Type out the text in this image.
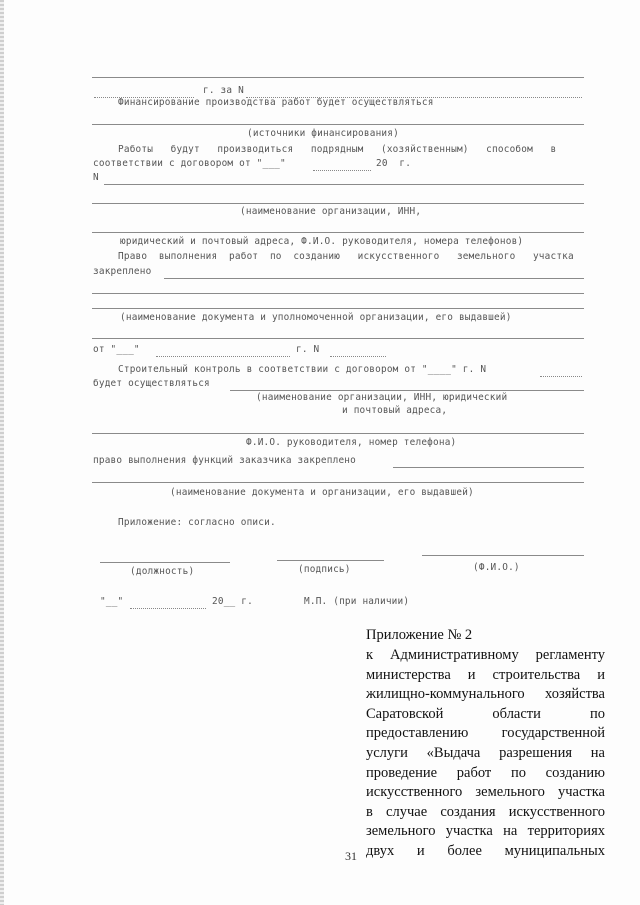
г. за N
Финансирование производства работ будет осуществляться
(источники финансирования)
Работы   будут   производиться   подрядным   (хозяйственным)   способом   в
соответствии с договором от "___"	20  г.
N
(наименование организации, ИНН,
юридический и почтовый адреса, Ф.И.О. руководителя, номера телефонов)
Право  выполнения  работ  по  созданию   искусственного   земельного   участка
закреплено
(наименование документа и уполномоченной организации, его выдавшей)
от "___"	г. N
Строительный контроль в соответствии с договором от "____" г. N
будет осуществляться
(наименование организации, ИНН, юридический
и почтовый адреса,
Ф.И.О. руководителя, номер телефона)
право выполнения функций заказчика закреплено
(наименование документа и организации, его выдавшей)
Приложение: согласно описи.
(должность)	(подпись)	(Ф.И.О.)
"__"	20__ г.	М.П. (при наличии)
Приложение № 2
к Административному регламенту
министерства и строительства и
жилищно-коммунального хозяйства
Саратовской области по
предоставлению государственной
услуги «Выдача разрешения на
проведение работ по созданию
искусственного земельного участка
в случае создания искусственного
земельного участка на территориях
двух и более муниципальных
31
